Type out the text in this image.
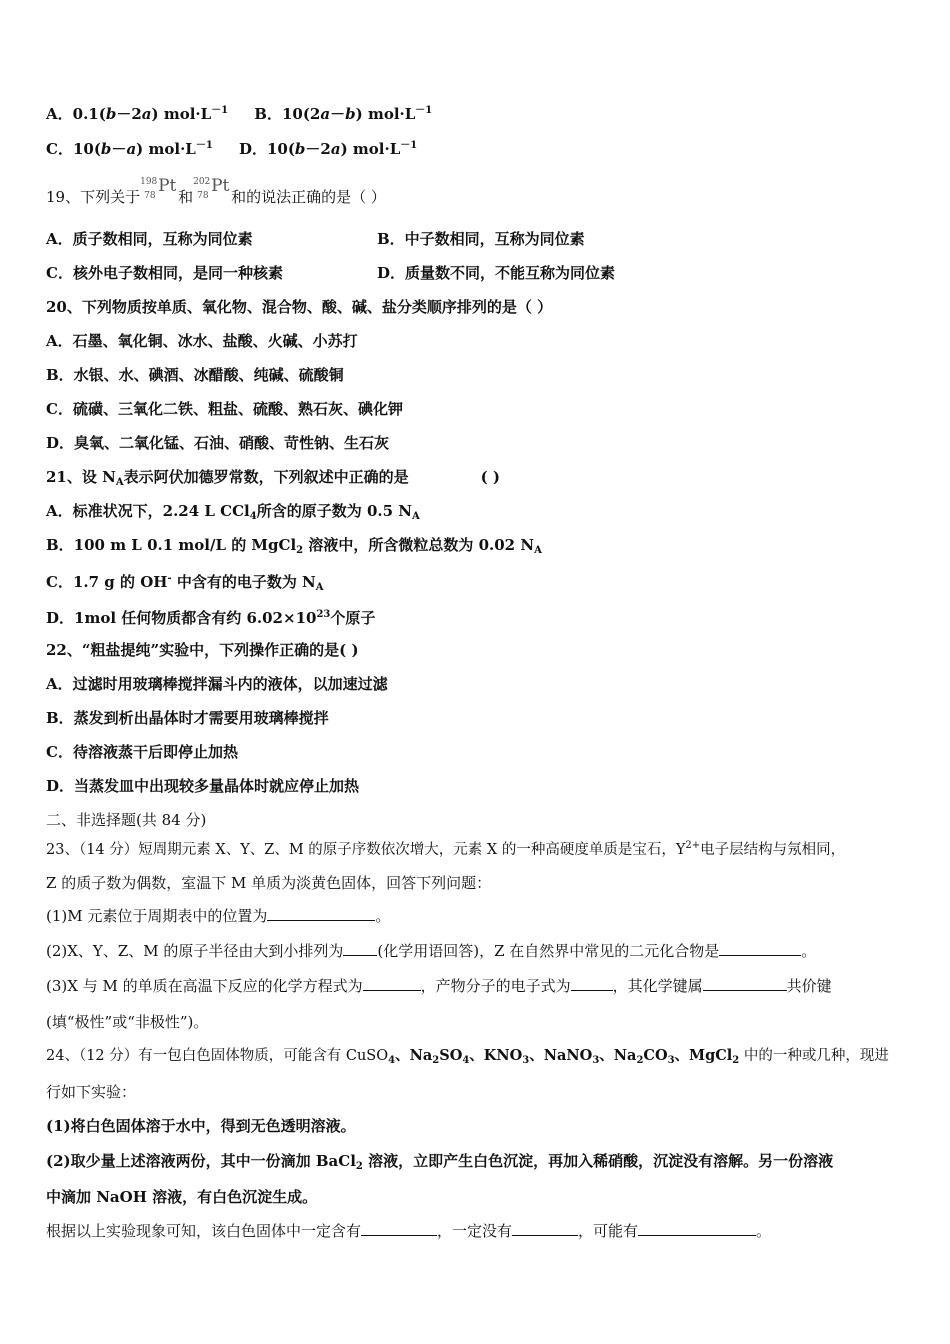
A．0.1(b－2a) $mol\cdot L^{-1}$ B．10(2a－b) $mol\cdot L^{-1}$
C．10(b－a) $mol\cdot L^{-1}$ D．10(b－2a) $mol\cdot L^{-1}$
19、下列关于
198
78 Pt
和
202
78 Pt
和的说法正确的是（ ）
A．质子数相同，互称为同位素	B．中子数相同，互称为同位素
C．核外电子数相同，是同一种核素	D．质量数不同，不能互称为同位素
20、下列物质按单质、氧化物、混合物、酸、碱、盐分类顺序排列的是（ ）
A．石墨、氧化铜、冰水、盐酸、火碱、小苏打
B．水银、水、碘酒、冰醋酸、纯碱、硫酸铜
C．硫磺、三氧化二铁、粗盐、硫酸、熟石灰、碘化钾
D．臭氧、二氧化锰、石油、硝酸、苛性钠、生石灰
21、设 $N_A$表示阿伏加德罗常数，下列叙述中正确的是	( )
A．标准状况下，2.24 L CCl$_4$所含的原子数为 0.5 $N_A$
B．100 m L 0.1 mol/L 的 MgCl$_2$ 溶液中，所含微粒总数为 0.02 $N_A$
C．1.7 g 的 OH- 中含有的电子数为 $N_A$
D．1mol 任何物质都含有约 $6.02\times 10^{23}$个原子
22、“粗盐提纯”实验中，下列操作正确的是( )
A．过滤时用玻璃棒搅拌漏斗内的液体，以加速过滤
B．蒸发到析出晶体时才需要用玻璃棒搅拌
C．待溶液蒸干后即停止加热
D．当蒸发皿中出现较多量晶体时就应停止加热
二、非选择题(共 84 分)
23、（14 分）短周期元素 X、Y、Z、M 的原子序数依次增大，元素 X 的一种高硬度单质是宝石，$Y^{2+}$电子层结构与氖相同，
Z 的质子数为偶数，室温下 M 单质为淡黄色固体，回答下列问题：
(1)M 元素位于周期表中的位置为	。
(2)X、Y、Z、M 的原子半径由大到小排列为 (化学用语回答)，Z 在自然界中常见的二元化合物是	。
(3)X 与 M 的单质在高温下反应的化学方程式为	，产物分子的电子式为	，其化学键属	共价键
(填“极性”或“非极性”)。
24、（12 分）有一包白色固体物质，可能含有 CuSO$_4$、$Na_2SO_4$、$KNO_3$、NaNO$_3$、$Na_2CO_3$、MgCl$_2$ 中的一种或几种，现进
行如下实验：
(1)将白色固体溶于水中，得到无色透明溶液。
(2)取少量上述溶液两份，其中一份滴加 BaCl$_2$ 溶液，立即产生白色沉淀，再加入稀硝酸，沉淀没有溶解。另一份溶液
中滴加 NaOH 溶液，有白色沉淀生成。
根据以上实验现象可知，该白色固体中一定含有	，一定没有	，可能有	。
